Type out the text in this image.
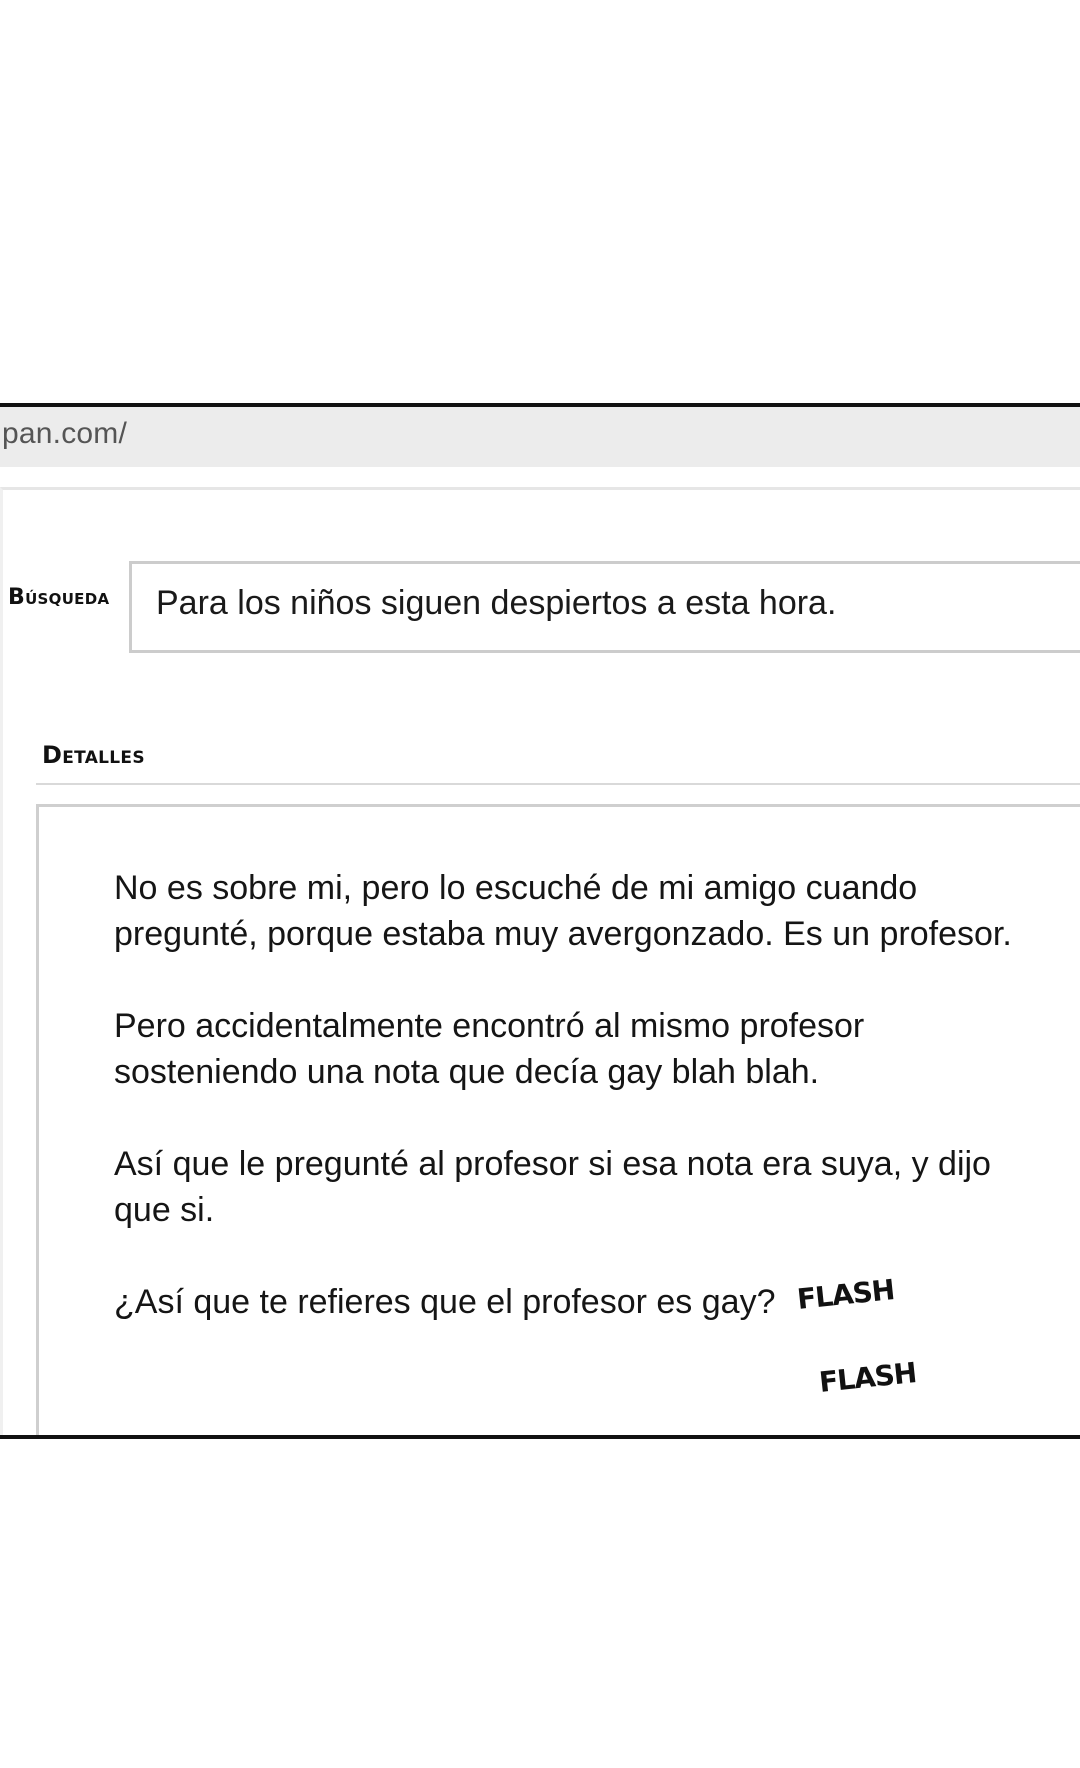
pan.com/
Búsqueda Para los niños siguen despiertos a esta hora.
Detalles

No es sobre mi, pero lo escuché de mi amigo cuando pregunté, porque estaba muy avergonzado. Es un profesor.

Pero accidentalmente encontró al mismo profesor sosteniendo una nota que decía gay blah blah.

Así que le pregunté al profesor si esa nota era suya, y dijo que si.

¿Así que te refieres que el profesor es gay? FLASH
FLASH
